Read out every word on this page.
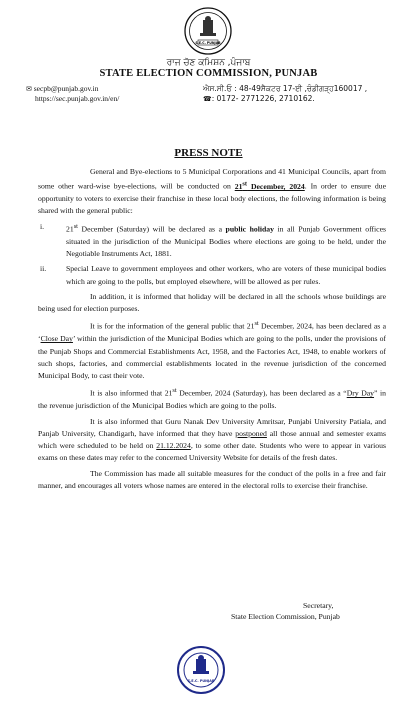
S.E.C. PUNJAB
ਰਾਜ ਚੋਣ ਕਮਿਸ਼ਨ ,ਪੰਜਾਬ
STATE ELECTION COMMISSION, PUNJAB
✉ secpb@punjab.gov.in
https://sec.punjab.gov.in/en/
ਐਸ.ਸੀ.ਓ : 48-49ਸੈਕਟਰ 17-ਈ ,ਚੰਡੀਗੜ੍ਹ160017 ,
☎: 0172- 2771226, 2710162.
PRESS NOTE

General and Bye-elections to 5 Municipal Corporations and 41 Municipal Councils, apart from some other ward-wise bye-elections, will be conducted on 21st December, 2024. In order to ensure due opportunity to voters to exercise their franchise in these local body elections, the following information is being shared with the general public:

i.	21st December (Saturday) will be declared as a public holiday in all Punjab Government offices situated in the jurisdiction of the Municipal Bodies where elections are going to be held, under the Negotiable Instruments Act, 1881.
ii.	Special Leave to government employees and other workers, who are voters of these municipal bodies which are going to the polls, but employed elsewhere, will be allowed as per rules.

In addition, it is informed that holiday will be declared in all the schools whose buildings are being used for election purposes.

It is for the information of the general public that 21st December, 2024, has been declared as a ‘Close Day’ within the jurisdiction of the Municipal Bodies which are going to the polls, under the provisions of the Punjab Shops and Commercial Establishments Act, 1958, and the Factories Act, 1948, to enable workers of such shops, factories, and commercial establishments located in the revenue jurisdiction of the concerned Municipal Body, to cast their vote.

It is also informed that 21st December, 2024 (Saturday), has been declared as a “Dry Day” in the revenue jurisdiction of the Municipal Bodies which are going to the polls.

It is also informed that Guru Nanak Dev University Amritsar, Punjabi University Patiala, and Panjab University, Chandigarh, have informed that they have postponed all those annual and semester exams which were scheduled to be held on 21.12.2024, to some other date. Students who were to appear in various exams on these dates may refer to the concerned University Website for details of the fresh dates.

The Commission has made all suitable measures for the conduct of the polls in a free and fair manner, and encourages all voters whose names are entered in the electoral rolls to exercise their franchise.

Secretary,
State Election Commission, Punjab
S.E.C. PUNJAB
